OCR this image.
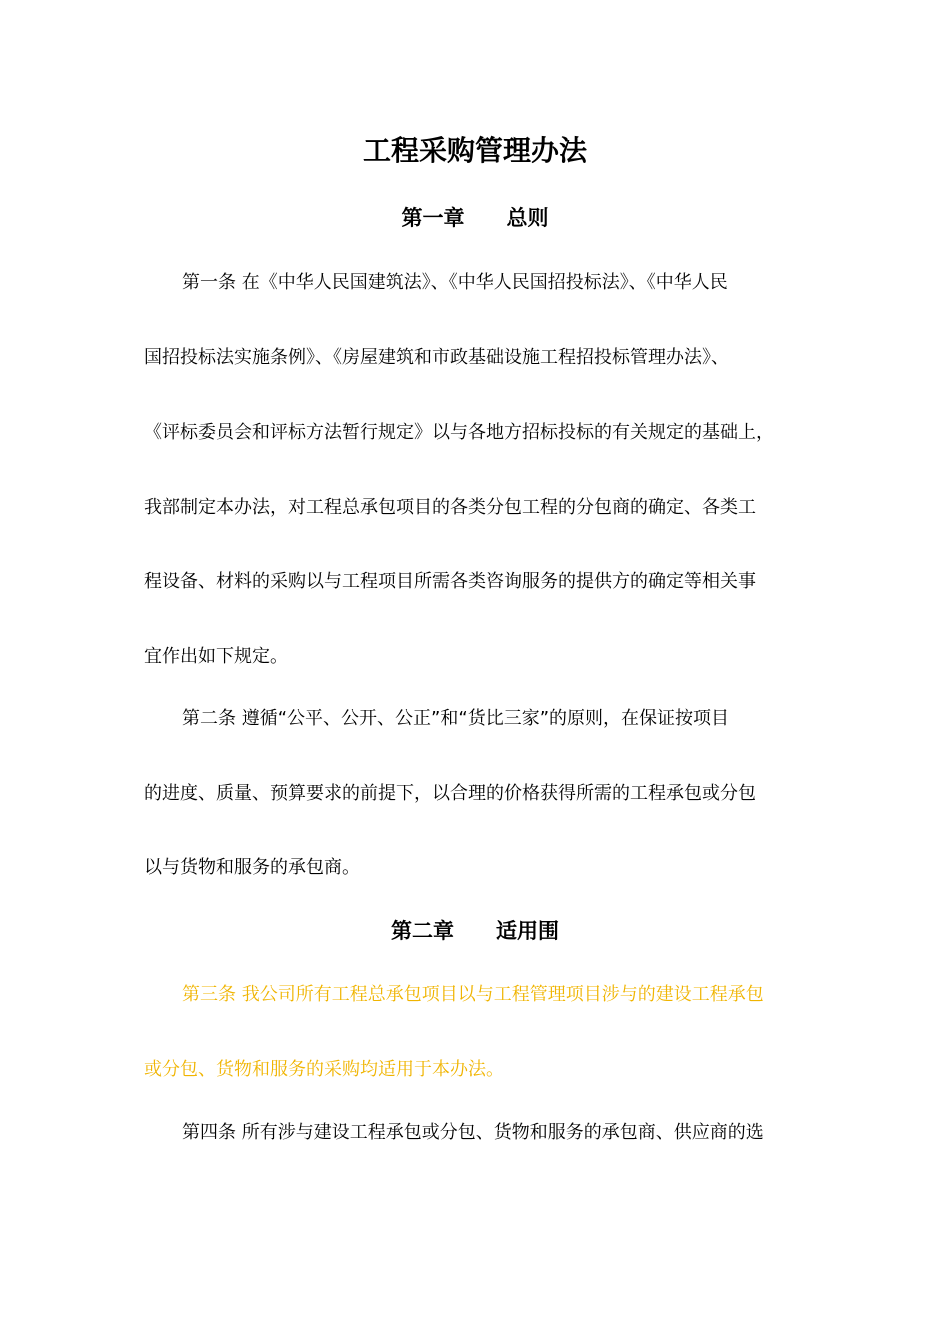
工程采购管理办法
第一章　　总则

第一条 在《中华人民国建筑法》、《中华人民国招投标法》、《中华人民

国招投标法实施条例》、《房屋建筑和市政基础设施工程招投标管理办法》、

《评标委员会和评标方法暂行规定》以与各地方招标投标的有关规定的基础上，

我部制定本办法，对工程总承包项目的各类分包工程的分包商的确定、各类工

程设备、材料的采购以与工程项目所需各类咨询服务的提供方的确定等相关事

宜作出如下规定。

第二条 遵循“公平、公开、公正”和“货比三家”的原则，在保证按项目

的进度、质量、预算要求的前提下，以合理的价格获得所需的工程承包或分包

以与货物和服务的承包商。

第二章　　适用围

第三条 我公司所有工程总承包项目以与工程管理项目涉与的建设工程承包

或分包、货物和服务的采购均适用于本办法。

第四条 所有涉与建设工程承包或分包、货物和服务的承包商、供应商的选
